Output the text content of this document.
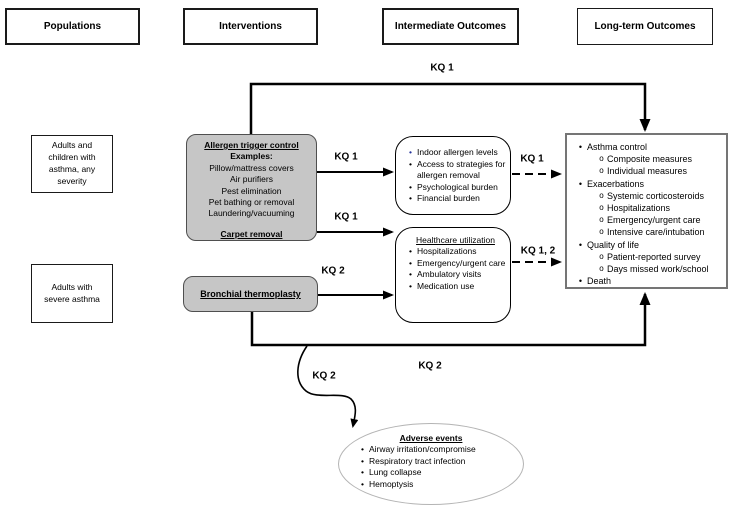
Populations	Interventions	Intermediate Outcomes	Long-term Outcomes
Adults and children with asthma, any severity
Adults with severe asthma
Allergen trigger control
Examples:
Pillow/mattress covers
Air purifiers
Pest elimination
Pet bathing or removal
Laundering/vacuuming
Carpet removal
Bronchial thermoplasty
• Indoor allergen levels
• Access to strategies for allergen removal
• Psychological burden
• Financial burden
Healthcare utilization
• Hospitalizations
• Emergency/urgent care
• Ambulatory visits
• Medication use
• Asthma control
o Composite measures
o Individual measures
• Exacerbations
o Systemic corticosteroids
o Hospitalizations
o Emergency/urgent care
o Intensive care/intubation
• Quality of life
o Patient-reported survey
o Days missed work/school
• Death
Adverse events
• Airway irritation/compromise
• Respiratory tract infection
• Lung collapse
• Hemoptysis
KQ 1
KQ 1
KQ 1
KQ 1
KQ 1, 2
KQ 2
KQ 2
KQ 2
